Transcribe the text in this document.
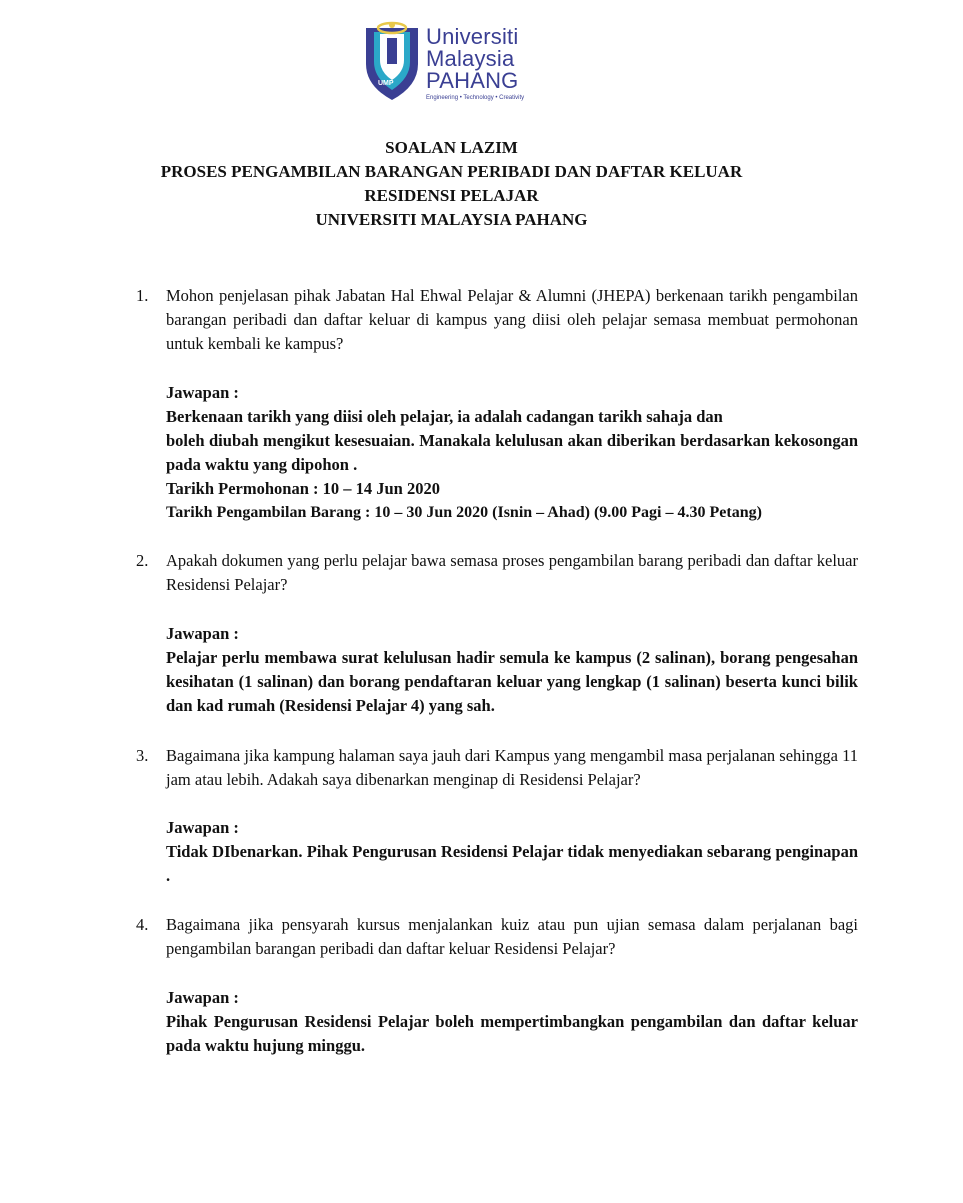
UMP
Universiti
Malaysia
PAHANG
Engineering • Technology • Creativity
SOALAN LAZIM
PROSES PENGAMBILAN BARANGAN PERIBADI DAN DAFTAR KELUAR
RESIDENSI PELAJAR
UNIVERSITI MALAYSIA PAHANG
1. Mohon penjelasan pihak Jabatan Hal Ehwal Pelajar & Alumni (JHEPA) berkenaan tarikh pengambilan barangan peribadi dan daftar keluar di kampus yang diisi oleh pelajar semasa membuat permohonan untuk kembali ke kampus?
Jawapan :
Berkenaan tarikh yang diisi oleh pelajar, ia adalah cadangan tarikh sahaja dan
boleh diubah mengikut kesesuaian. Manakala kelulusan akan diberikan berdasarkan kekosongan pada waktu yang dipohon .
Tarikh Permohonan : 10 – 14 Jun 2020
Tarikh Pengambilan Barang : 10 – 30 Jun 2020 (Isnin – Ahad) (9.00 Pagi – 4.30 Petang)
2. Apakah dokumen yang perlu pelajar bawa semasa proses pengambilan barang peribadi dan daftar keluar Residensi Pelajar?
Jawapan :
Pelajar perlu membawa surat kelulusan hadir semula ke kampus (2 salinan), borang pengesahan kesihatan (1 salinan) dan borang pendaftaran keluar yang lengkap (1 salinan) beserta kunci bilik dan kad rumah (Residensi Pelajar 4) yang sah.
3. Bagaimana jika kampung halaman saya jauh dari Kampus yang mengambil masa perjalanan sehingga 11 jam atau lebih. Adakah saya dibenarkan menginap di Residensi Pelajar?
Jawapan :
Tidak DIbenarkan. Pihak Pengurusan Residensi Pelajar tidak menyediakan sebarang penginapan .
4. Bagaimana jika pensyarah kursus menjalankan kuiz atau pun ujian semasa dalam perjalanan bagi pengambilan barangan peribadi dan daftar keluar Residensi Pelajar?
Jawapan :
Pihak Pengurusan Residensi Pelajar boleh mempertimbangkan pengambilan dan daftar keluar pada waktu hujung minggu.
